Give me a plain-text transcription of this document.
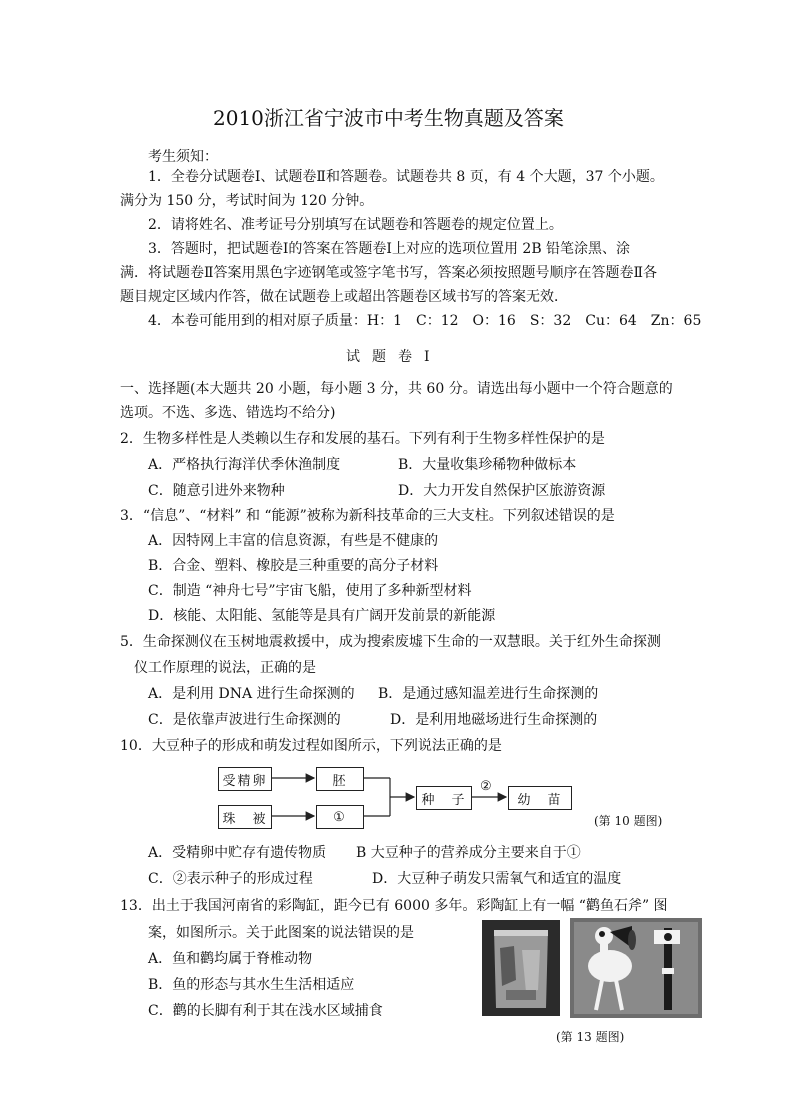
2010浙江省宁波市中考生物真题及答案
考生须知：
1．全卷分试题卷Ⅰ、试题卷Ⅱ和答题卷。试题卷共 8 页，有 4 个大题，37 个小题。
满分为 150 分，考试时间为 120 分钟。
2．请将姓名、准考证号分别填写在试题卷和答题卷的规定位置上。
3．答题时，把试题卷Ⅰ的答案在答题卷Ⅰ上对应的选项位置用 2B 铅笔涂黑、涂
满．将试题卷Ⅱ答案用黑色字迹钢笔或签字笔书写，答案必须按照题号顺序在答题卷Ⅱ各
题目规定区域内作答，做在试题卷上或超出答题卷区域书写的答案无效．
4．本卷可能用到的相对原子质量：H：1　C：12　O：16　S：32　Cu：64　Zn：65
试题卷Ⅰ
一、选择题(本大题共 20 小题，每小题 3 分，共 60 分。请选出每小题中一个符合题意的
选项。不选、多选、错选均不给分)
2．生物多样性是人类赖以生存和发展的基石。下列有利于生物多样性保护的是
A．严格执行海洋伏季休渔制度	B．大量收集珍稀物种做标本
C．随意引进外来物种	D．大力开发自然保护区旅游资源
3．“信息”、“材料” 和 “能源”被称为新科技革命的三大支柱。下列叙述错误的是
A．因特网上丰富的信息资源，有些是不健康的
B．合金、塑料、橡胶是三种重要的高分子材料
C．制造 “神舟七号”宇宙飞船，使用了多种新型材料
D．核能、太阳能、氢能等是具有广阔开发前景的新能源
5．生命探测仪在玉树地震救援中，成为搜索废墟下生命的一双慧眼。关于红外生命探测
仪工作原理的说法，正确的是
A．是利用 DNA 进行生命探测的 B．是通过感知温差进行生命探测的
C．是依靠声波进行生命探测的	D．是利用地磁场进行生命探测的
10．大豆种子的形成和萌发过程如图所示，下列说法正确的是
受精卵	胚
珠　被	①
种　子
②
幼　苗
(第 10 题图)
A．受精卵中贮存有遗传物质 B 大豆种子的营养成分主要来自于①
C．②表示种子的形成过程	D．大豆种子萌发只需氧气和适宜的温度
13．出土于我国河南省的彩陶缸，距今已有 6000 多年。彩陶缸上有一幅 “鹳鱼石斧” 图
案，如图所示。关于此图案的说法错误的是
A．鱼和鹳均属于脊椎动物
B．鱼的形态与其水生生活相适应
C．鹳的长脚有利于其在浅水区域捕食
(第 13 题图)
